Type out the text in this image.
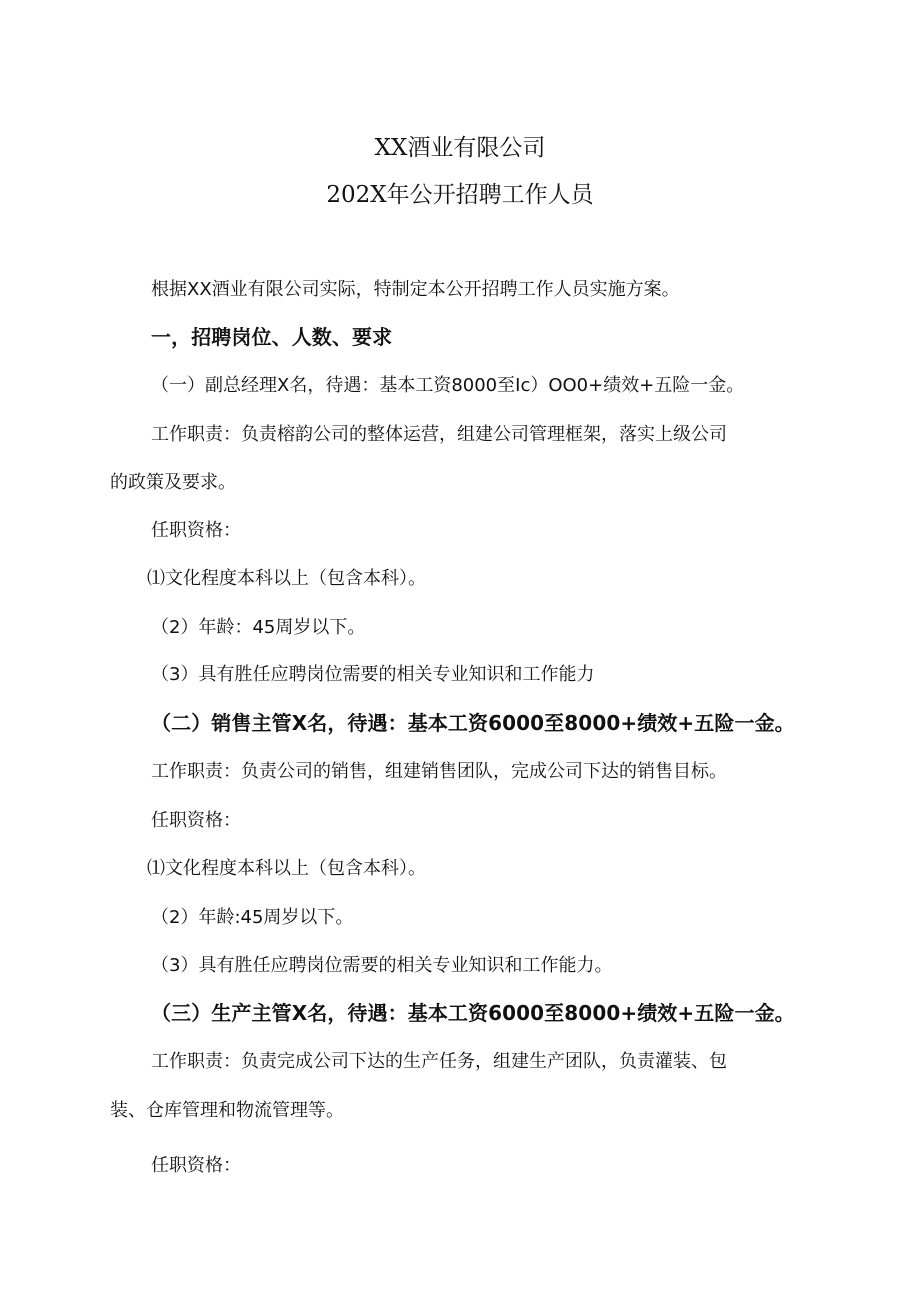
XX酒业有限公司
202X年公开招聘工作人员
根据XX酒业有限公司实际，特制定本公开招聘工作人员实施方案。
一，招聘岗位、人数、要求
（一）副总经理X名，待遇：基本工资8000至Ic）OO0+绩效+五险一金。
工作职责：负责榕韵公司的整体运营，组建公司管理框架，落实上级公司
的政策及要求。
任职资格：
⑴文化程度本科以上（包含本科）。
（2）年龄：45周岁以下。
（3）具有胜任应聘岗位需要的相关专业知识和工作能力
（二）销售主管X名，待遇：基本工资6000至8000+绩效+五险一金。
工作职责：负责公司的销售，组建销售团队，完成公司下达的销售目标。
任职资格：
⑴文化程度本科以上（包含本科）。
（2）年龄:45周岁以下。
（3）具有胜任应聘岗位需要的相关专业知识和工作能力。
（三）生产主管X名，待遇：基本工资6000至8000+绩效+五险一金。
工作职责：负责完成公司下达的生产任务，组建生产团队，负责灌装、包
装、仓库管理和物流管理等。
任职资格：
